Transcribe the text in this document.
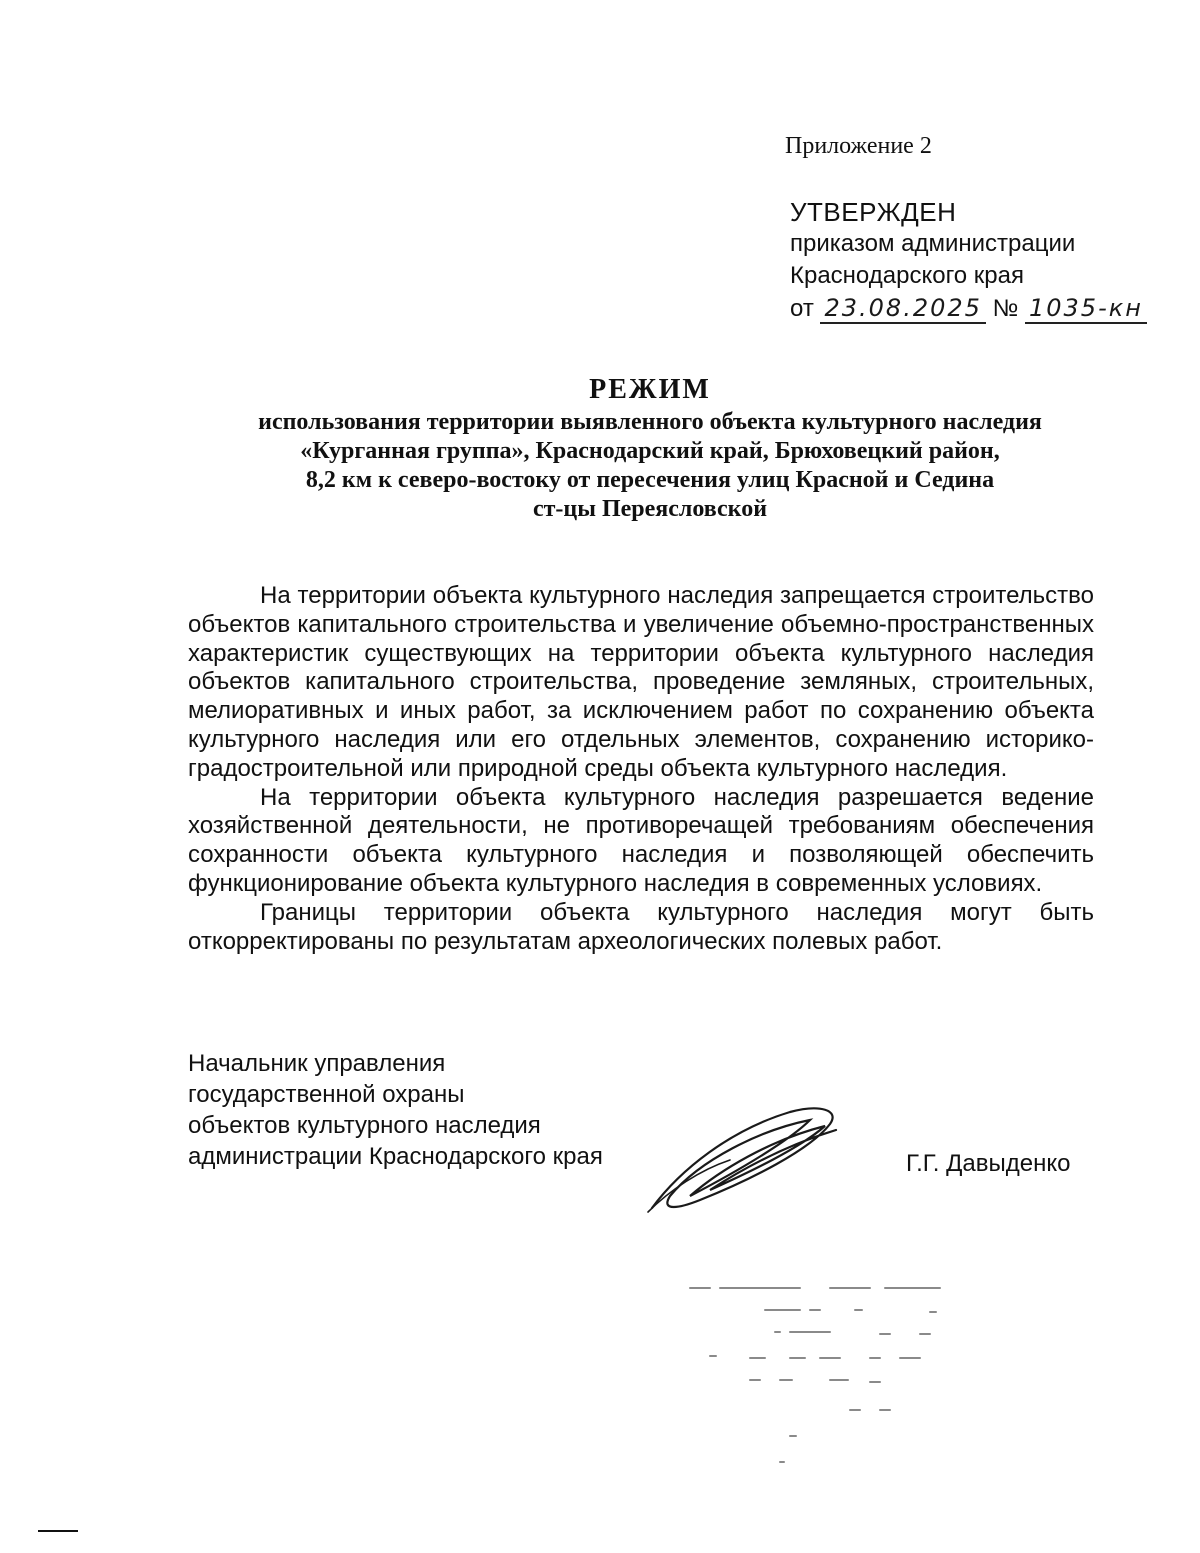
Приложение 2
УТВЕРЖДЕН
приказом администрации
Краснодарского края
от 23.08.2025 № 1035-кн
РЕЖИМ
использования территории выявленного объекта культурного наследия
«Курганная группа», Краснодарский край, Брюховецкий район,
8,2 км к северо-востоку от пересечения улиц Красной и Седина
ст-цы Переясловской

На территории объекта культурного наследия запрещается строительство объектов капитального строительства и увеличение объемно-пространственных характеристик существующих на территории объекта культурного наследия объектов капитального строительства, проведение земляных, строительных, мелиоративных и иных работ, за исключением работ по сохранению объекта культурного наследия или его отдельных элементов, сохранению историко-градостроительной или природной среды объекта культурного наследия.

На территории объекта культурного наследия разрешается ведение хозяйственной деятельности, не противоречащей требованиям обеспечения сохранности объекта культурного наследия и позволяющей обеспечить функционирование объекта культурного наследия в современных условиях.

Границы территории объекта культурного наследия могут быть откорректированы по результатам археологических полевых работ.

Начальник управления
государственной охраны
объектов культурного наследия
администрации Краснодарского края	Г.Г. Давыденко
